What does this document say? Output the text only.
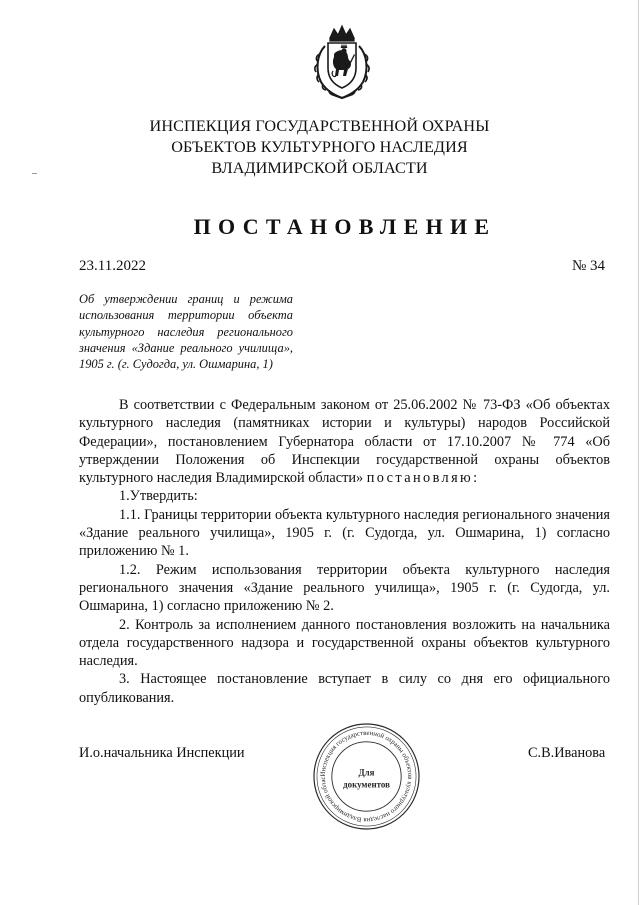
ИНСПЕКЦИЯ ГОСУДАРСТВЕННОЙ ОХРАНЫ
ОБЪЕКТОВ КУЛЬТУРНОГО НАСЛЕДИЯ
ВЛАДИМИРСКОЙ ОБЛАСТИ
ПОСТАНОВЛЕНИЕ
23.11.2022	№ 34
Об утверждении границ и режима использования территории объекта культурного наследия регионального значения «Здание реального училища», 1905 г. (г. Судогда, ул. Ошмарина, 1)

В соответствии с Федеральным законом от 25.06.2002 № 73-ФЗ «Об объектах культурного наследия (памятниках истории и культуры) народов Российской Федерации», постановлением Губернатора области от 17.10.2007 № 774 «Об утверждении Положения об Инспекции государственной охраны объектов культурного наследия Владимирской области» постановляю:

1.Утвердить:

1.1. Границы территории объекта культурного наследия регионального значения «Здание реального училища», 1905 г. (г. Судогда, ул. Ошмарина, 1) согласно приложению № 1.

1.2. Режим использования территории объекта культурного наследия регионального значения «Здание реального училища», 1905 г. (г. Судогда, ул. Ошмарина, 1) согласно приложению № 2.

2. Контроль за исполнением данного постановления возложить на начальника отдела государственного надзора и государственной охраны объектов культурного наследия.

3. Настоящее постановление вступает в силу со дня его официального опубликования.

И.о.начальника Инспекции	С.В.Иванова
Инспекция государственной охраны объектов культурного наследия Владимирской облас
Для
документов
